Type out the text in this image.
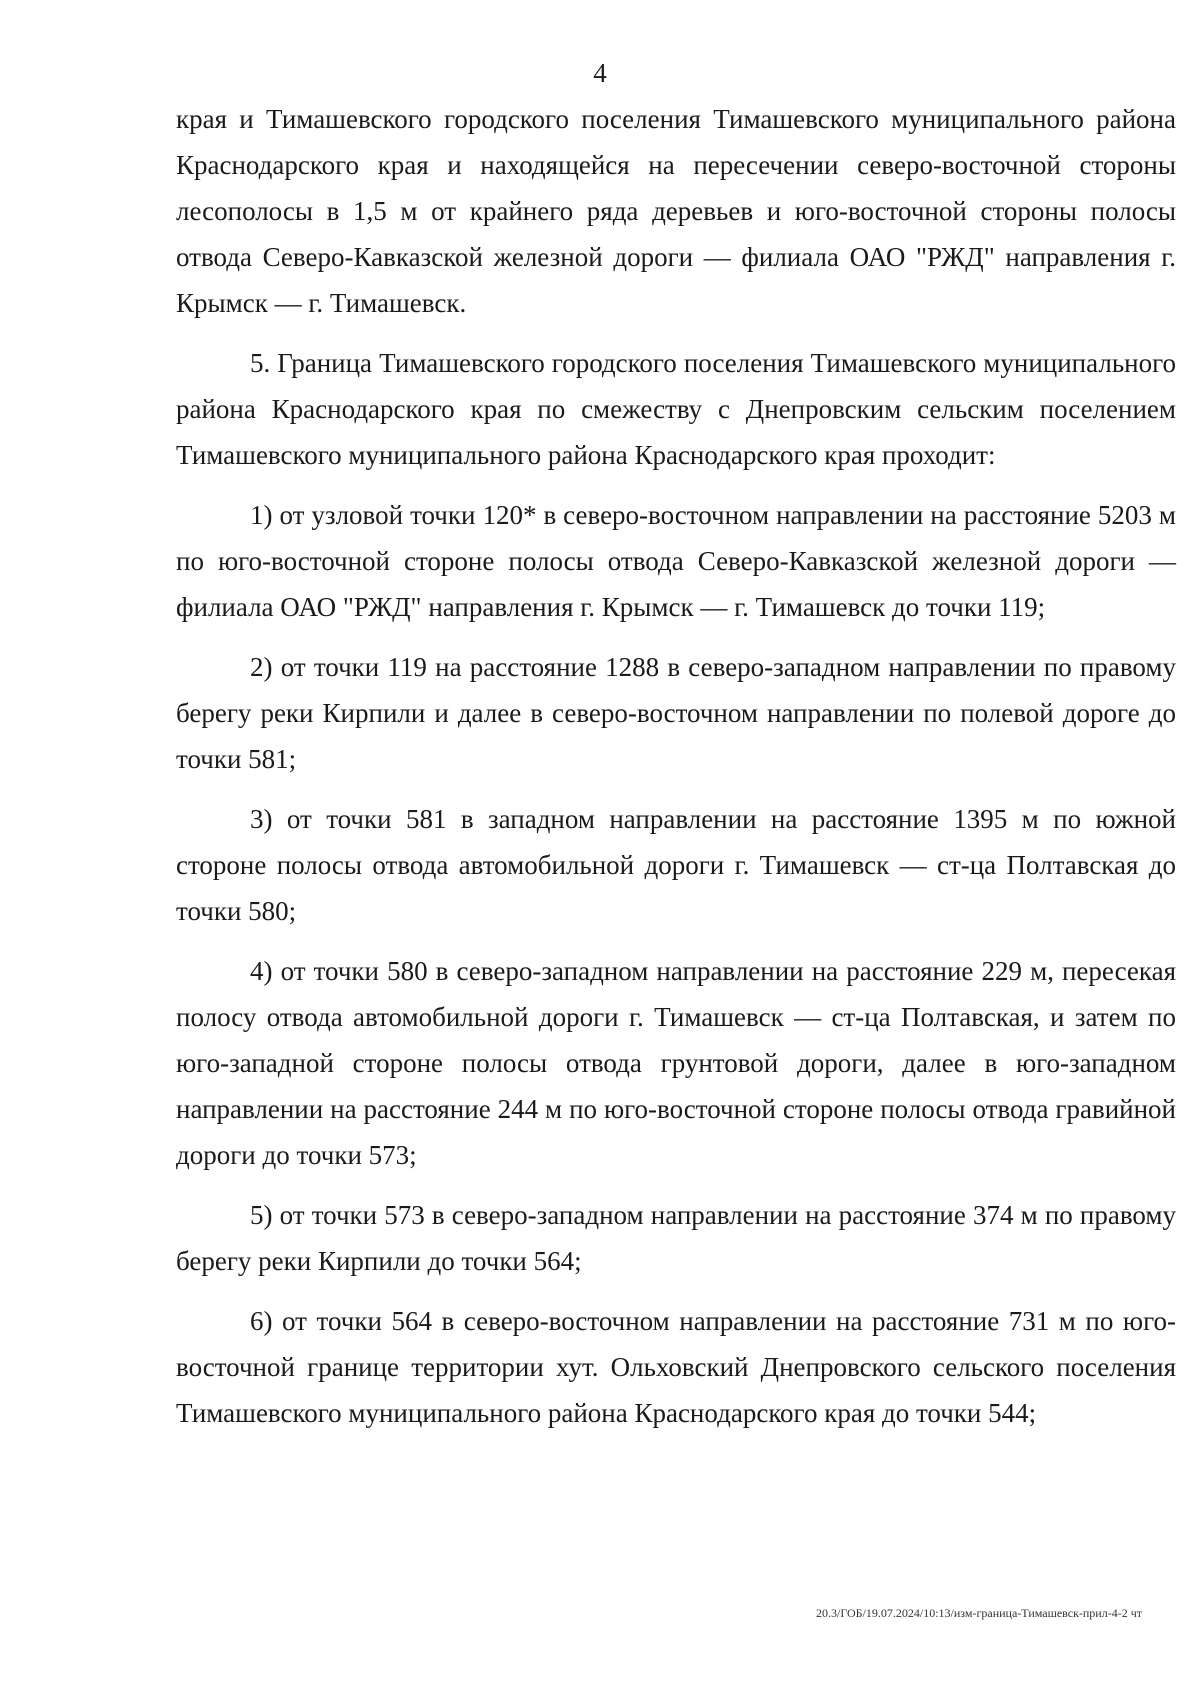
4

края и Тимашевского городского поселения Тимашевского муниципального района Краснодарского края и находящейся на пересечении северо-восточной стороны лесополосы в 1,5 м от крайнего ряда деревьев и юго-восточной стороны полосы отвода Северо-Кавказской железной дороги — филиала ОАО "РЖД" направления г. Крымск — г. Тимашевск.

5. Граница Тимашевского городского поселения Тимашевского муниципального района Краснодарского края по смежеству с Днепровским сельским поселением Тимашевского муниципального района Краснодарского края проходит:

1) от узловой точки 120* в северо-восточном направлении на расстояние 5203 м по юго-восточной стороне полосы отвода Северо-Кавказской железной дороги — филиала ОАО "РЖД" направления г. Крымск — г. Тимашевск до точки 119;

2) от точки 119 на расстояние 1288 в северо-западном направлении по правому берегу реки Кирпили и далее в северо-восточном направлении по полевой дороге до точки 581;

3) от точки 581 в западном направлении на расстояние 1395 м по южной стороне полосы отвода автомобильной дороги г. Тимашевск — ст-ца Полтавская до точки 580;

4) от точки 580 в северо-западном направлении на расстояние 229 м, пересекая полосу отвода автомобильной дороги г. Тимашевск — ст-ца Полтавская, и затем по юго-западной стороне полосы отвода грунтовой дороги, далее в юго-западном направлении на расстояние 244 м по юго-восточной стороне полосы отвода гравийной дороги до точки 573;

5) от точки 573 в северо-западном направлении на расстояние 374 м по правому берегу реки Кирпили до точки 564;

6) от точки 564 в северо-восточном направлении на расстояние 731 м по юго-восточной границе территории хут. Ольховский Днепровского сельского поселения Тимашевского муниципального района Краснодарского края до точки 544;

20.3/ГОБ/19.07.2024/10:13/изм-граница-Тимашевск-прил-4-2 чт
